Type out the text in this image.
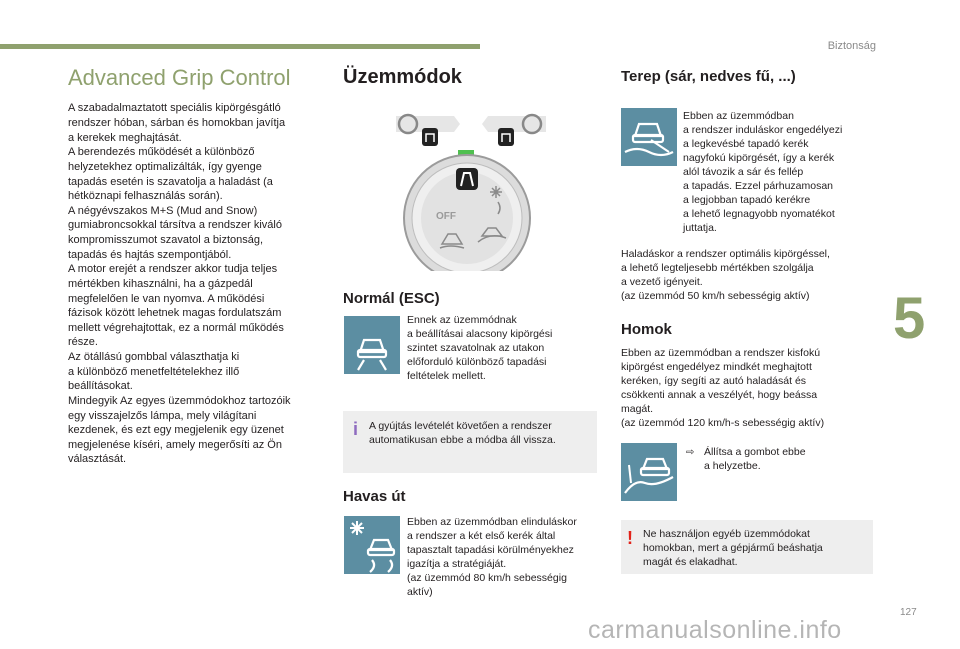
Biztonság
5
127
carmanualsonline.info
Advanced Grip Control
A szabadalmaztatott speciális kipörgésgátló
rendszer hóban, sárban és homokban javítja
a kerekek meghajtását.
A berendezés működését a különböző
helyzetekhez optimalizálták, így gyenge
tapadás esetén is szavatolja a haladást (a
hétköznapi felhasználás során).
A négyévszakos M+S (Mud and Snow)
gumiabroncsokkal társítva a rendszer kiváló
kompromisszumot szavatol a biztonság,
tapadás és hajtás szempontjából.
A motor erejét a rendszer akkor tudja teljes
mértékben kihasználni, ha a gázpedál
megfelelően le van nyomva. A működési
fázisok között lehetnek magas fordulatszám
mellett végrehajtottak, ez a normál működés
része.
Az ötállású gombbal választhatja ki
a különböző menetfeltételekhez illő
beállításokat.
Mindegyik Az egyes üzemmódokhoz tartozóik
egy visszajelzős lámpa, mely világítani
kezdenek, és ezt egy megjelenik egy üzenet
megjelenése kíséri, amely megerősíti az Ön
választását.
Üzemmódok
OFF
Normál (ESC)
Ennek az üzemmódnak
a beállításai alacsony kipörgési
szintet szavatolnak az utakon
előforduló különböző tapadási
feltételek mellett.
i A gyújtás levételét követően a rendszer
automatikusan ebbe a módba áll vissza.
Havas út
Ebben az üzemmódban elinduláskor
a rendszer a két első kerék által
tapasztalt tapadási körülményekhez
igazítja a stratégiáját.
(az üzemmód 80 km/h sebességig
aktív)
Terep (sár, nedves fű, ...)
Ebben az üzemmódban
a rendszer induláskor engedélyezi
a legkevésbé tapadó kerék
nagyfokú kipörgését, így a kerék
alól távozik a sár és fellép
a tapadás. Ezzel párhuzamosan
a legjobban tapadó kerékre
a lehető legnagyobb nyomatékot
juttatja.
Haladáskor a rendszer optimális kipörgéssel,
a lehető legteljesebb mértékben szolgálja
a vezető igényeit.
(az üzemmód 50 km/h sebességig aktív)
Homok
Ebben az üzemmódban a rendszer kisfokú
kipörgést engedélyez mindkét meghajtott
keréken, így segíti az autó haladását és
csökkenti annak a veszélyét, hogy beássa
magát.
(az üzemmód 120 km/h-s sebességig aktív)
⇨ Állítsa a gombot ebbe
a helyzetbe.
! Ne használjon egyéb üzemmódokat
homokban, mert a gépjármű beáshatja
magát és elakadhat.
